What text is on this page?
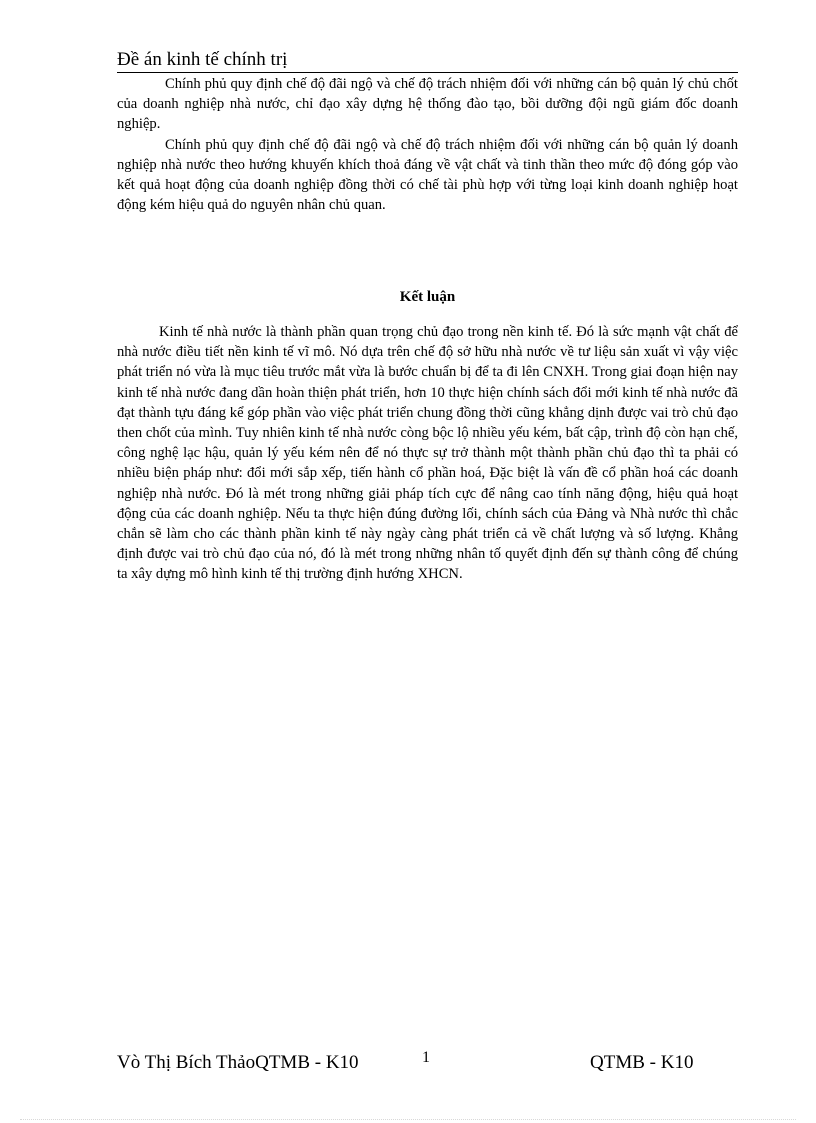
Đề án kinh tế chính trị

Chính phủ quy định chế độ đãi ngộ và chế độ trách nhiệm đối với những cán bộ quản lý chủ chốt của doanh nghiệp nhà nước, chỉ đạo xây dựng hệ thống đào tạo, bồi dưỡng đội ngũ giám đốc doanh nghiệp.

Chính phủ quy định chế độ đãi ngộ và chế độ trách nhiệm đối với những cán bộ quản lý doanh nghiệp nhà nước theo hướng khuyến khích thoả đáng về vật chất và tinh thần theo mức độ đóng góp vào kết quả hoạt động của doanh nghiệp đồng thời có chế tài phù hợp với từng loại kinh doanh nghiệp hoạt động kém hiệu quả do nguyên nhân chủ quan.

Kết luận

Kinh tế nhà nước là thành phần quan trọng chủ đạo trong nền kinh tế. Đó là sức mạnh vật chất để nhà nước điều tiết nền kinh tế vĩ mô. Nó dựa trên chế độ sở hữu nhà nước về tư liệu sản xuất vì vậy việc phát triển nó vừa là mục tiêu trước mắt vừa là bước chuẩn bị để ta đi lên CNXH. Trong giai đoạn hiện nay kinh tế nhà nước đang dần hoàn thiện phát triển, hơn 10 thực hiện chính sách đổi mới kinh tế nhà nước đã đạt thành tựu đáng kể góp phần vào việc phát triển chung đồng thời cũng khẳng dịnh được vai trò chủ đạo then chốt của mình. Tuy nhiên kinh tế nhà nước còng bộc lộ nhiều yếu kém, bất cập, trình độ còn hạn chế, công nghệ lạc hậu, quản lý yếu kém nên để nó thực sự trở thành một thành phần chủ đạo thì ta phải có nhiều biện pháp như: đổi mới sắp xếp, tiến hành cổ phần hoá, Đặc biệt là vấn đề cổ phần hoá các doanh nghiệp nhà nước. Đó là mét trong những giải pháp tích cực để nâng cao tính năng động, hiệu quả hoạt động của các doanh nghiệp. Nếu ta thực hiện đúng đường lối, chính sách của Đảng và Nhà nước thì chắc chắn sẽ làm cho các thành phần kinh tế này ngày càng phát triển cả về chất lượng và số lượng. Khẳng định được vai trò chủ đạo của nó, đó là mét trong những nhân tố quyết định đến sự thành công để chúng ta xây dựng mô hình kinh tế thị trường định hướng XHCN.

Vò Thị Bích ThảoQTMB - K10	1	QTMB - K10
